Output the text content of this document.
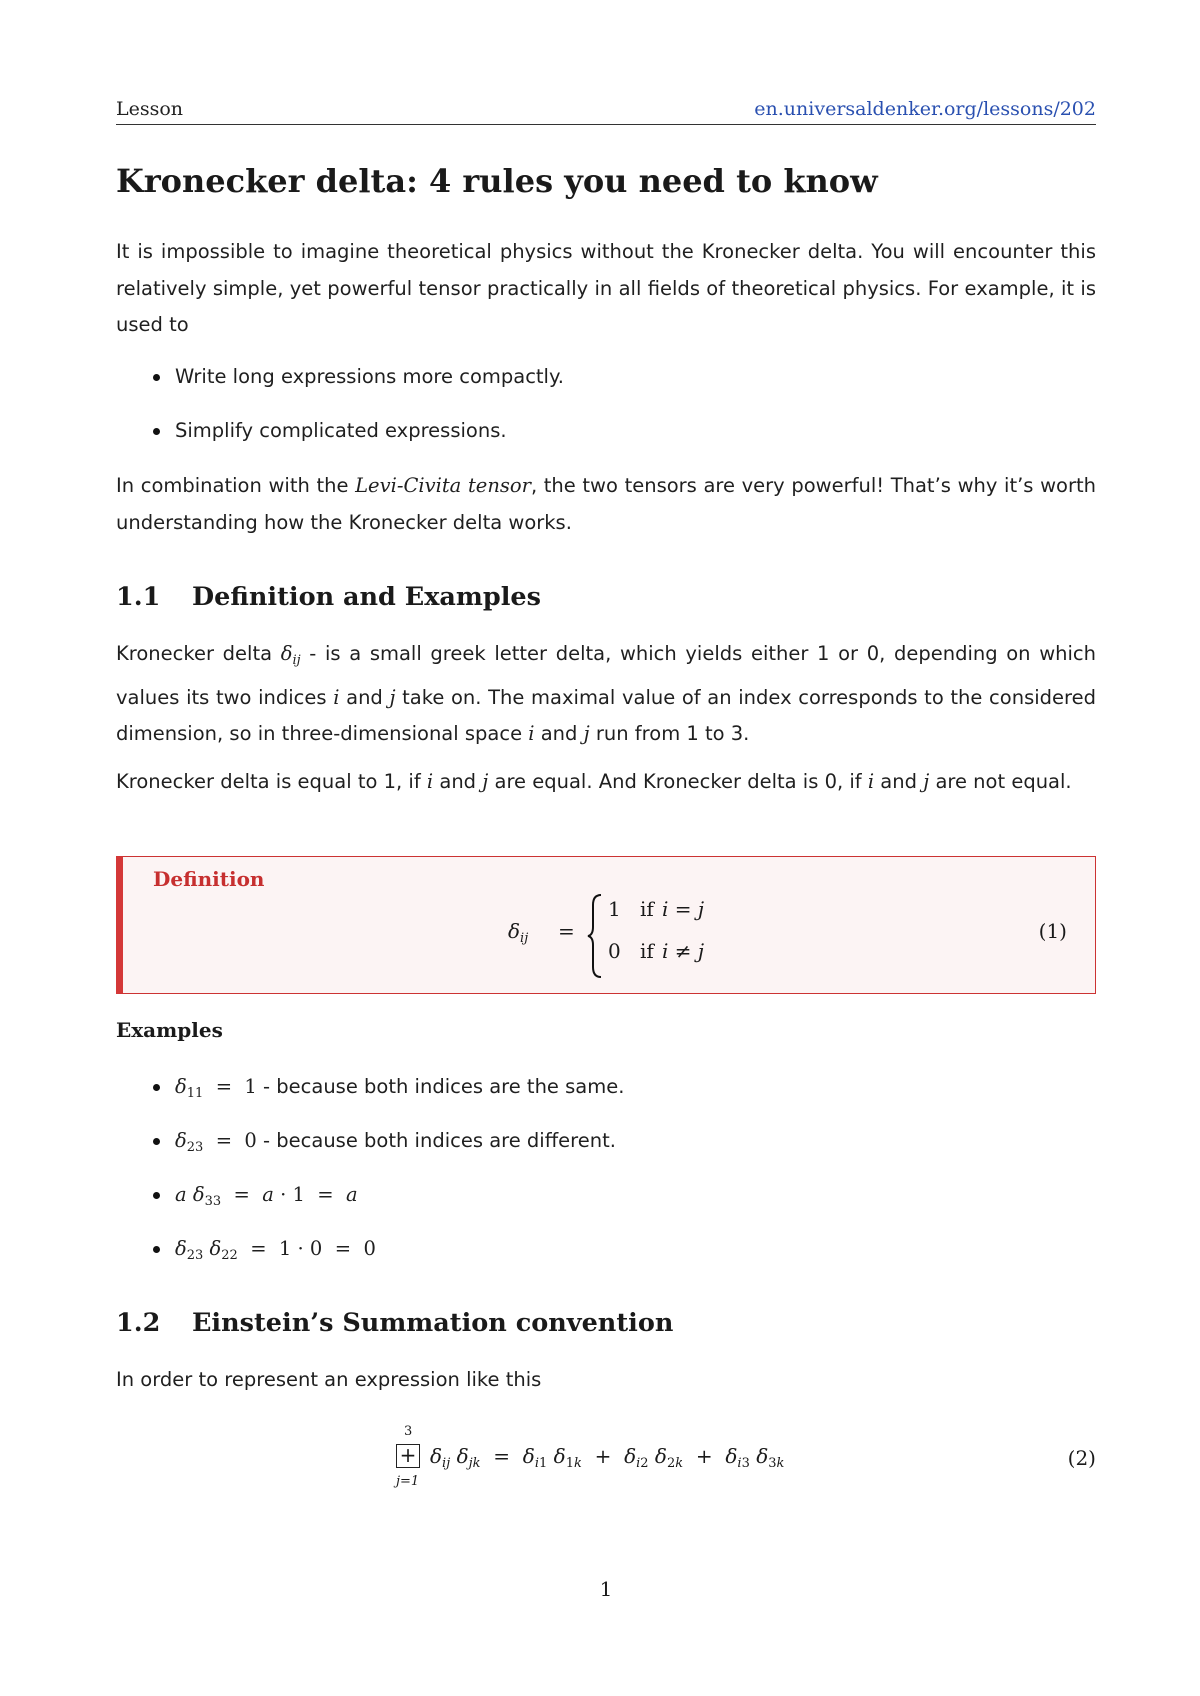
Lesson	en.universaldenker.org/lessons/202
Kronecker delta: 4 rules you need to know

It is impossible to imagine theoretical physics without the Kronecker delta. You will encounter this relatively simple, yet powerful tensor practically in all fields of theoretical physics. For example, it is used to

Write long expressions more compactly.
Simplify complicated expressions.

In combination with the Levi-Civita tensor, the two tensors are very powerful! That’s why it’s worth understanding how the Kronecker delta works.

1.1 Definition and Examples

Kronecker delta $\delta_{ij}$ - is a small greek letter delta, which yields either 1 or 0, depending on which values its two indices i and j take on. The maximal value of an index corresponds to the considered dimension, so in three-dimensional space i and j run from 1 to 3.

Kronecker delta is equal to 1, if i and j are equal. And Kronecker delta is 0, if i and j are not equal.

Definition
$\delta_{ij}$ =
1 if i = j
0 if i ≠ j
(1)
Examples
$\delta_{11} = 1$ - because both indices are the same.
$\delta_{23} = 0$ - because both indices are different.
a $\delta_{33} = a \cdot 1 = a$
$\delta_{23}$ $\delta_{22} = 1 \cdot 0 = 0$
1.2 Einstein’s Summation convention

In order to represent an expression like this

3
+
j=1
$\delta_{ij}$ $\delta_{jk} = \delta_{i1}$ $\delta_{1k} + \delta_{i2}$ $\delta_{2k} + \delta_{i3}$ $\delta_{3k}$	(2)
1
